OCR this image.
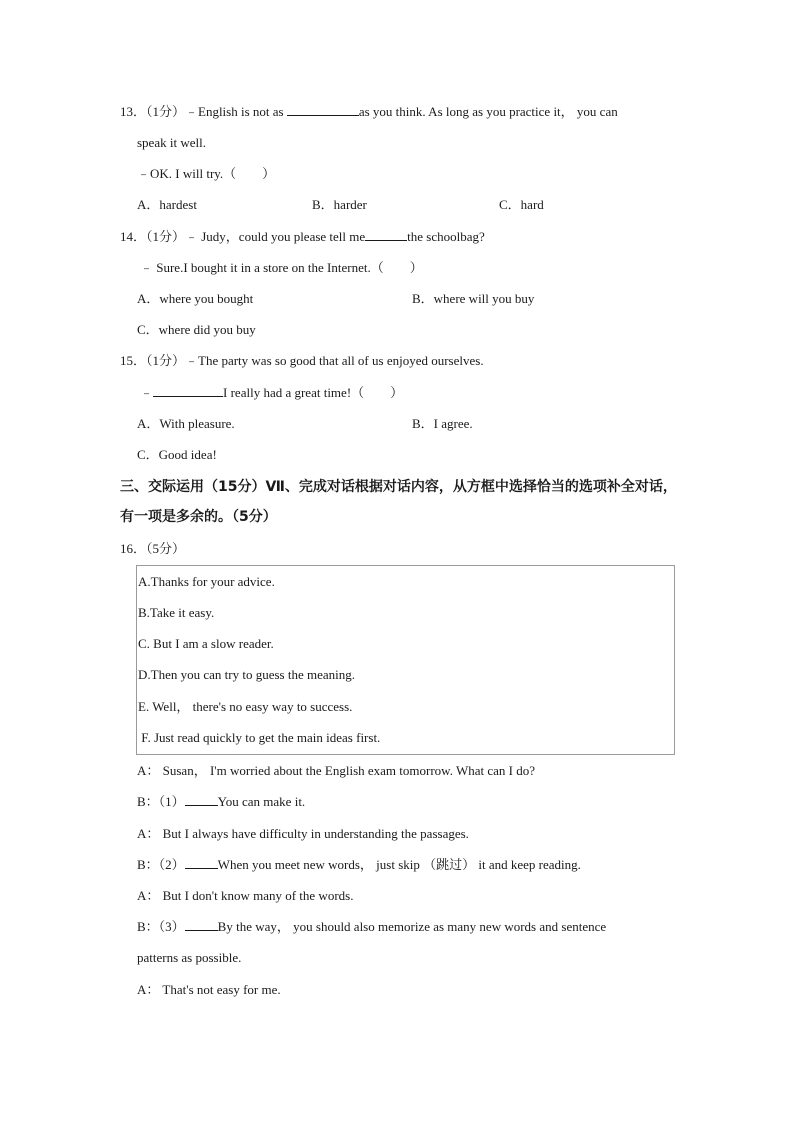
13．（1分）﹣English is not as	as you think. As long as you practice it， you can
speak it well.
﹣OK. I will try.（　　）
A．hardest	B．harder	C．hard
14．（1分）﹣ Judy，could you please tell me	the schoolbag?
﹣ Sure.I bought it in a store on the Internet.（　　）
A．where you bought	B．where will you buy
C．where did you buy
15．（1分）﹣The party was so good that all of us enjoyed ourselves.
﹣	I really had a great time!（　　）
A．With pleasure.	B．I agree.
C．Good idea!
三、交际运用（15分）Ⅶ、完成对话根据对话内容，从方框中选择恰当的选项补全对话，
有一项是多余的。（5分）
16．（5分）
A.Thanks for your advice.
B.Take it easy.
C. But I am a slow reader.
D.Then you can try to guess the meaning.
E. Well， there's no easy way to success.
F. Just read quickly to get the main ideas first.
A： Susan， I'm worried about the English exam tomorrow. What can I do?
B：（1）	You can make it.
A： But I always have difficulty in understanding the passages.
B：（2）	When you meet new words， just skip （跳过） it and keep reading.
A： But I don't know many of the words.
B：（3）	By the way， you should also memorize as many new words and sentence
patterns as possible.
A： That's not easy for me.
